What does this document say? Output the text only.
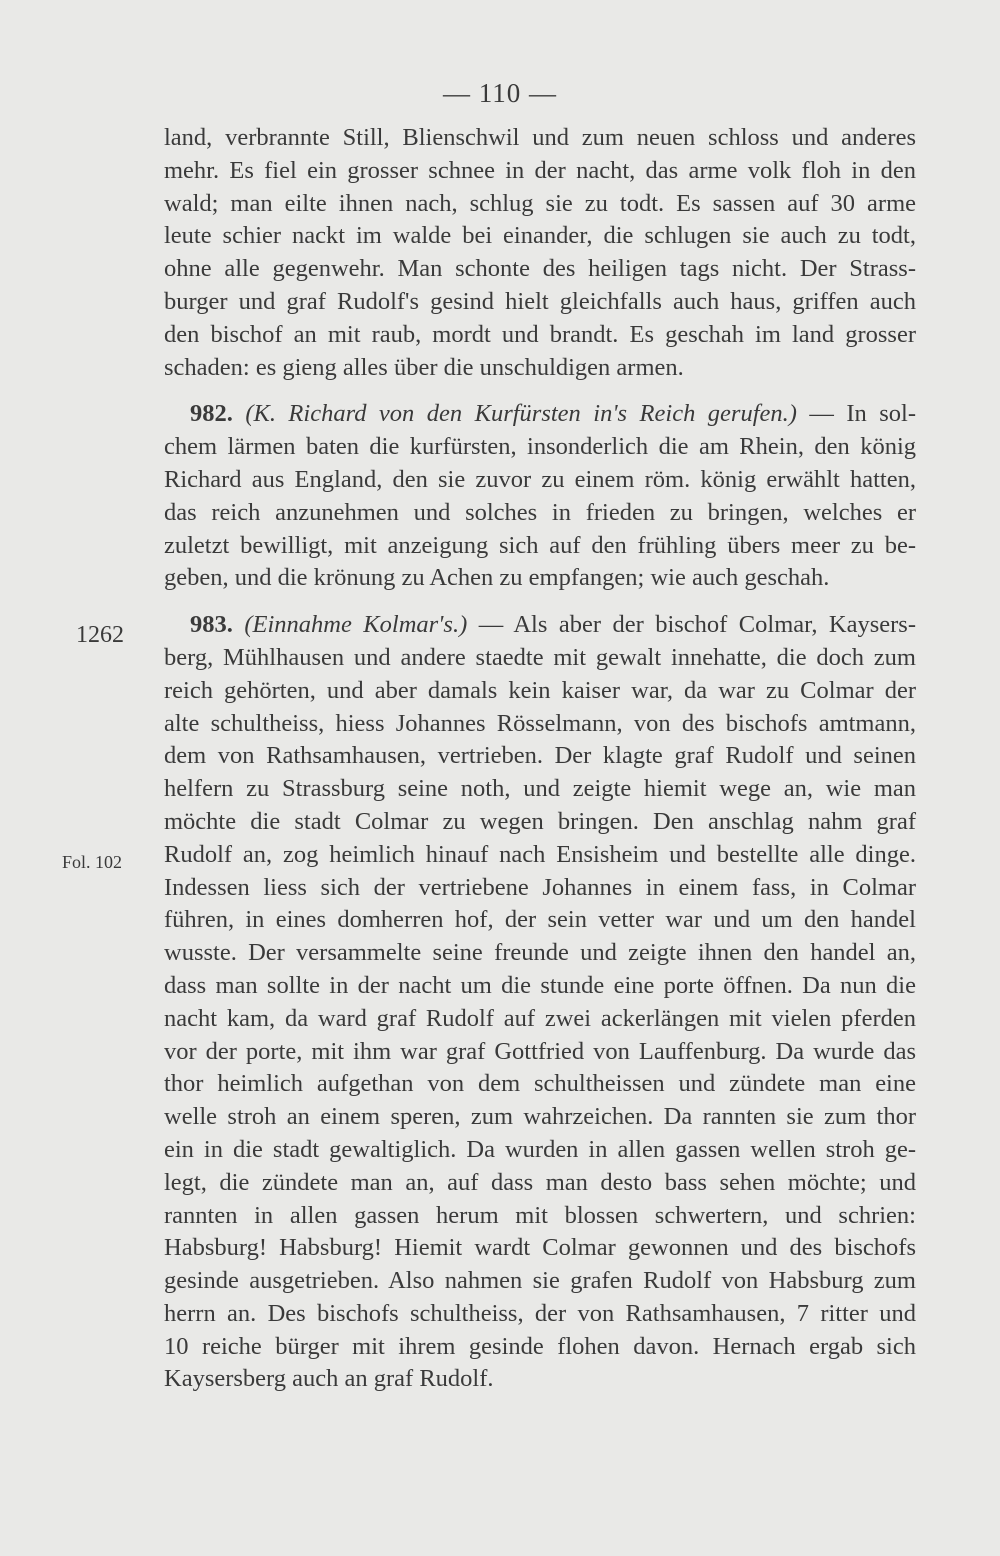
— 110 —
1262
Fol. 102
land, verbrannte Still, Blienschwil und zum neuen schloss und anderes
mehr. Es fiel ein grosser schnee in der nacht, das arme volk floh in den
wald; man eilte ihnen nach, schlug sie zu todt. Es sassen auf 30 arme
leute schier nackt im walde bei einander, die schlugen sie auch zu todt,
ohne alle gegenwehr. Man schonte des heiligen tags nicht. Der Strass-
burger und graf Rudolf's gesind hielt gleichfalls auch haus, griffen auch
den bischof an mit raub, mordt und brandt. Es geschah im land grosser
schaden: es gieng alles über die unschuldigen armen.
982. (K. Richard von den Kurfürsten in's Reich gerufen.) — In sol-
chem lärmen baten die kurfürsten, insonderlich die am Rhein, den könig
Richard aus England, den sie zuvor zu einem röm. könig erwählt hatten,
das reich anzunehmen und solches in frieden zu bringen, welches er
zuletzt bewilligt, mit anzeigung sich auf den frühling übers meer zu be-
geben, und die krönung zu Achen zu empfangen; wie auch geschah.
983. (Einnahme Kolmar's.) — Als aber der bischof Colmar, Kaysers-
berg, Mühlhausen und andere staedte mit gewalt innehatte, die doch zum
reich gehörten, und aber damals kein kaiser war, da war zu Colmar der
alte schultheiss, hiess Johannes Rösselmann, von des bischofs amtmann,
dem von Rathsamhausen, vertrieben. Der klagte graf Rudolf und seinen
helfern zu Strassburg seine noth, und zeigte hiemit wege an, wie man
möchte die stadt Colmar zu wegen bringen. Den anschlag nahm graf
Rudolf an, zog heimlich hinauf nach Ensisheim und bestellte alle dinge.
Indessen liess sich der vertriebene Johannes in einem fass, in Colmar
führen, in eines domherren hof, der sein vetter war und um den handel
wusste. Der versammelte seine freunde und zeigte ihnen den handel an,
dass man sollte in der nacht um die stunde eine porte öffnen. Da nun die
nacht kam, da ward graf Rudolf auf zwei ackerlängen mit vielen pferden
vor der porte, mit ihm war graf Gottfried von Lauffenburg. Da wurde das
thor heimlich aufgethan von dem schultheissen und zündete man eine
welle stroh an einem speren, zum wahrzeichen. Da rannten sie zum thor
ein in die stadt gewaltiglich. Da wurden in allen gassen wellen stroh ge-
legt, die zündete man an, auf dass man desto bass sehen möchte; und
rannten in allen gassen herum mit blossen schwertern, und schrien:
Habsburg! Habsburg! Hiemit wardt Colmar gewonnen und des bischofs
gesinde ausgetrieben. Also nahmen sie grafen Rudolf von Habsburg zum
herrn an. Des bischofs schultheiss, der von Rathsamhausen, 7 ritter und
10 reiche bürger mit ihrem gesinde flohen davon. Hernach ergab sich
Kaysersberg auch an graf Rudolf.
